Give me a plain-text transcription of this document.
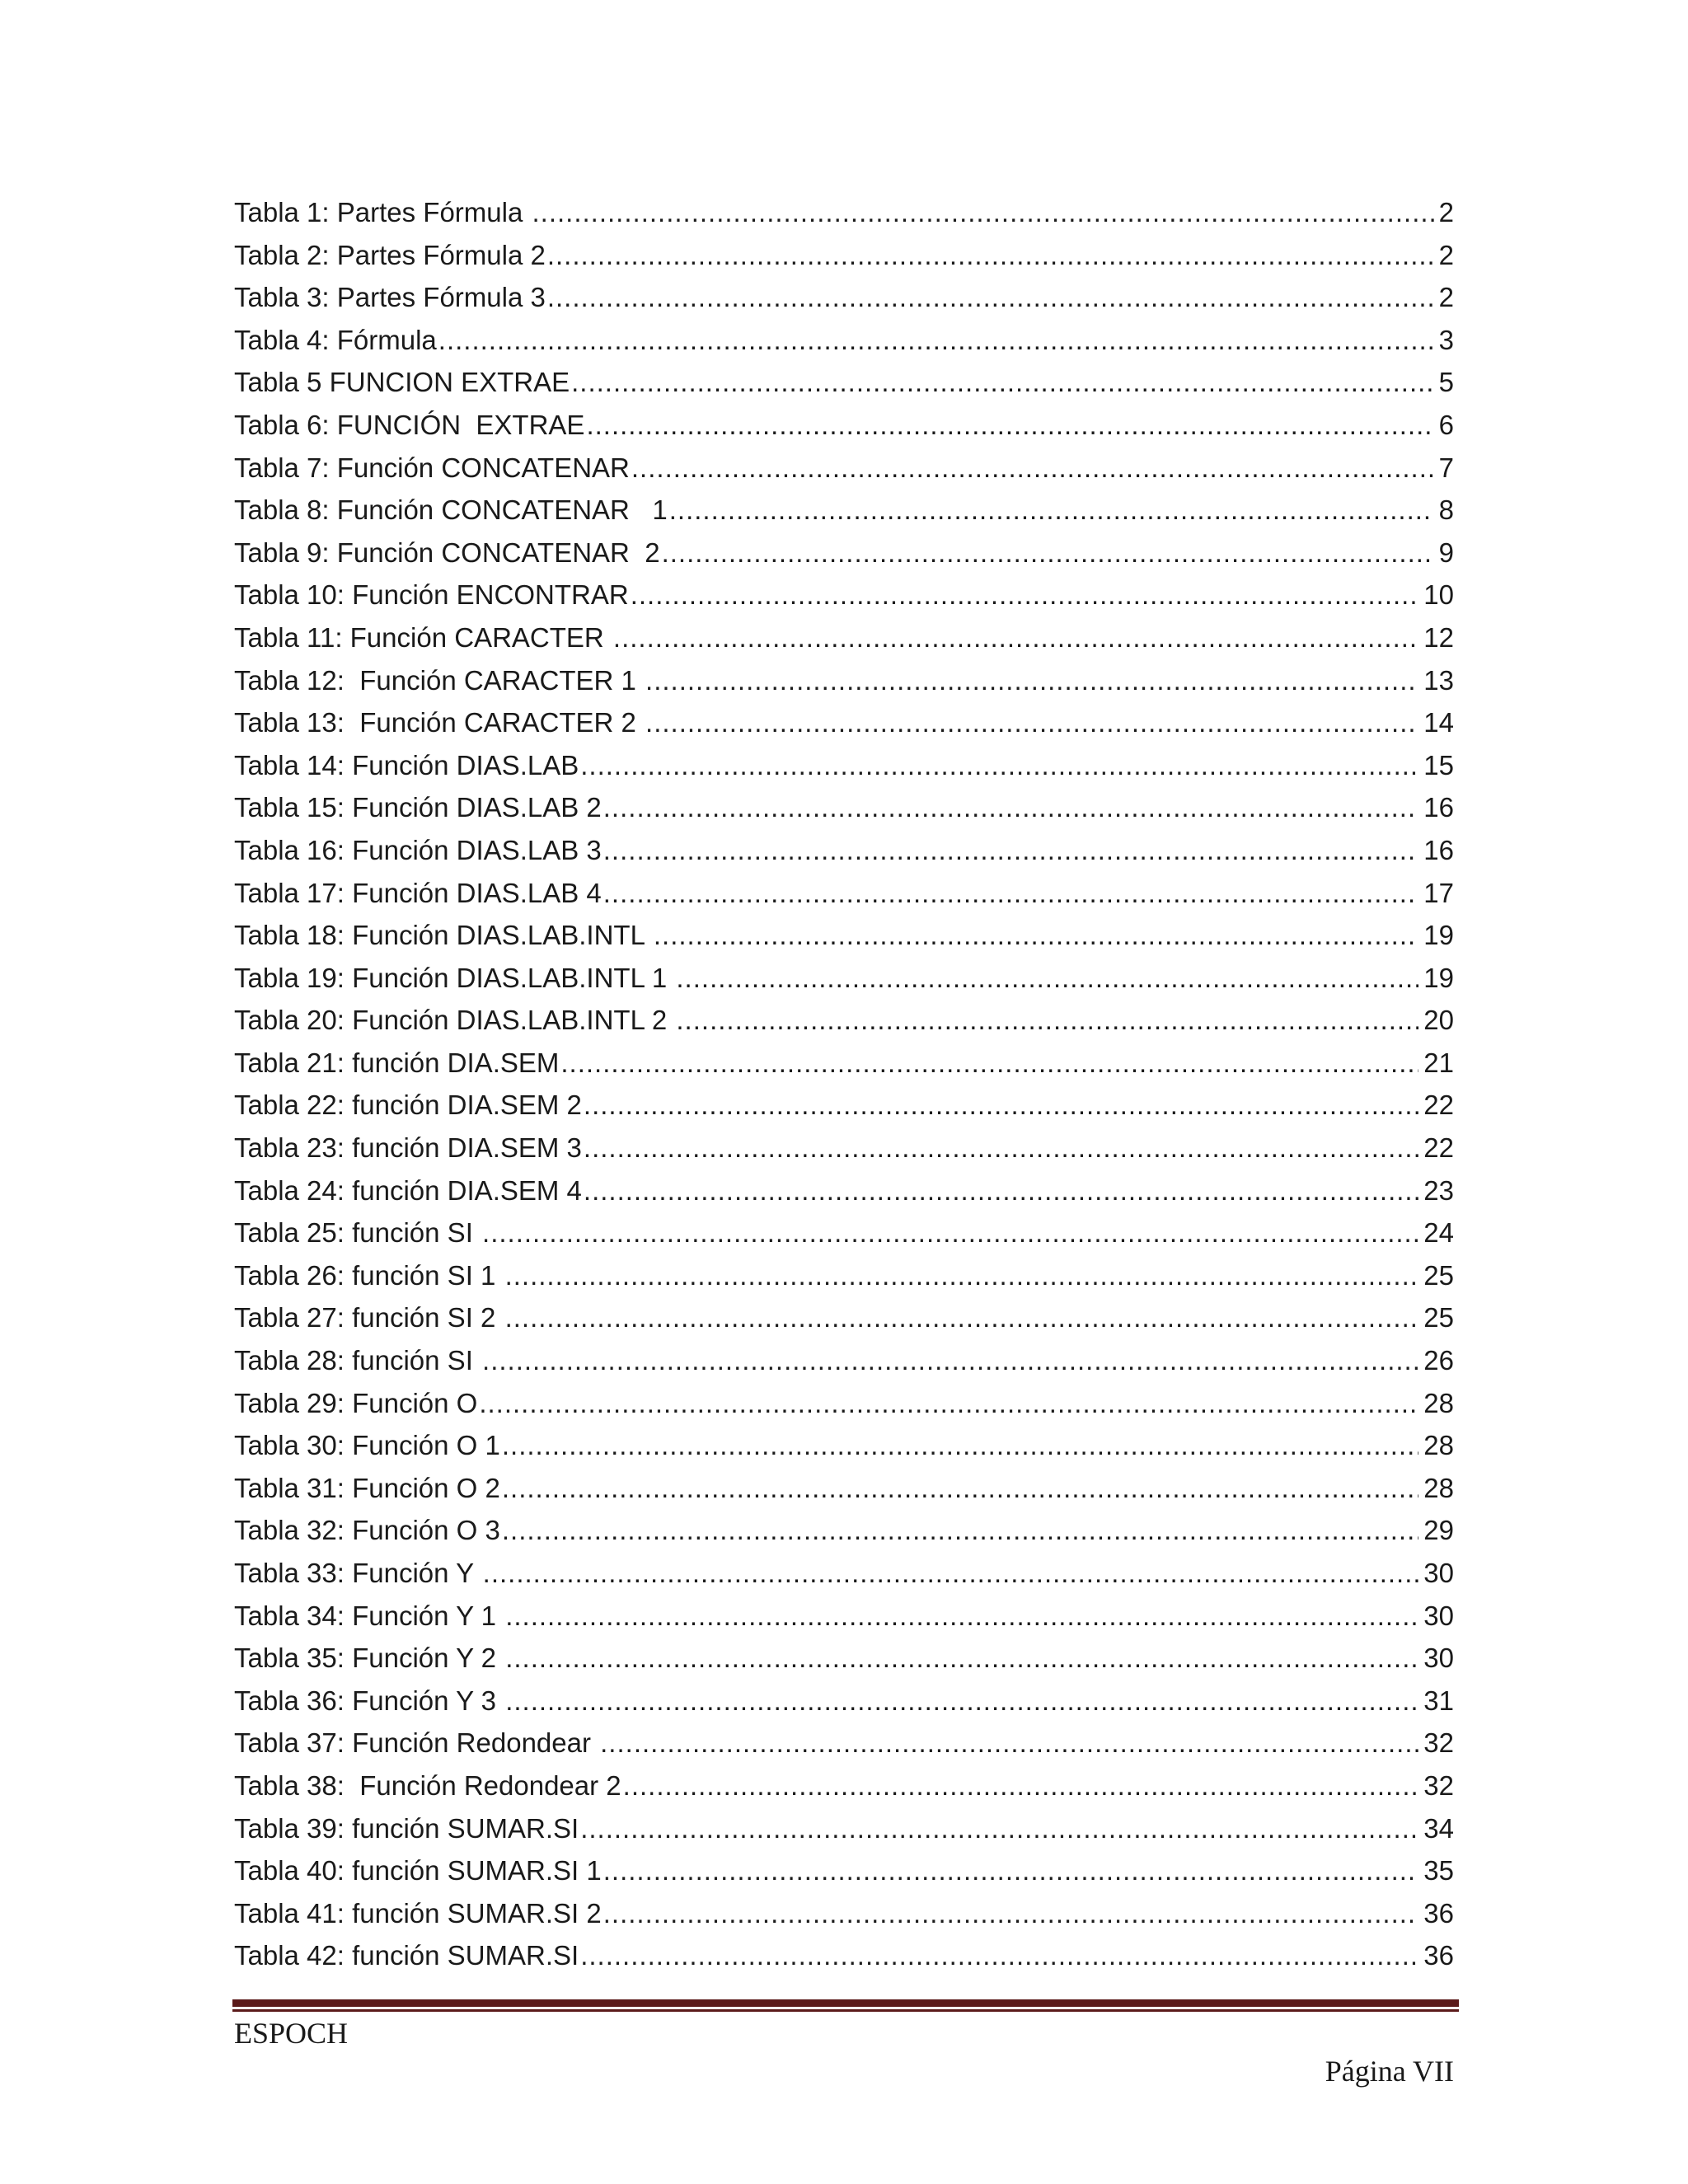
Tabla 1: Partes Fórmula .....	2
Tabla 2: Partes Fórmula 2 .....	2
Tabla 3: Partes Fórmula 3 .....	2
Tabla 4: Fórmula .....	3
Tabla 5 FUNCION EXTRAE .....	5
Tabla 6: FUNCIÓN  EXTRAE .....	6
Tabla 7: Función CONCATENAR .....	7
Tabla 8: Función CONCATENAR   1 .....	8
Tabla 9: Función CONCATENAR  2 .....	9
Tabla 10: Función ENCONTRAR .....	10
Tabla 11: Función CARACTER .....	12
Tabla 12:  Función CARACTER 1 .....	13
Tabla 13:  Función CARACTER 2 .....	14
Tabla 14: Función DIAS.LAB .....	15
Tabla 15: Función DIAS.LAB 2 .....	16
Tabla 16: Función DIAS.LAB 3 .....	16
Tabla 17: Función DIAS.LAB 4 .....	17
Tabla 18: Función DIAS.LAB.INTL .....	19
Tabla 19: Función DIAS.LAB.INTL 1 .....	19
Tabla 20: Función DIAS.LAB.INTL 2 .....	20
Tabla 21: función DIA.SEM .....	21
Tabla 22: función DIA.SEM 2 .....	22
Tabla 23: función DIA.SEM 3 .....	22
Tabla 24: función DIA.SEM 4 .....	23
Tabla 25: función SI .....	24
Tabla 26: función SI 1 .....	25
Tabla 27: función SI 2 .....	25
Tabla 28: función SI .....	26
Tabla 29: Función O .....	28
Tabla 30: Función O 1 .....	28
Tabla 31: Función O 2 .....	28
Tabla 32: Función O 3 .....	29
Tabla 33: Función Y .....	30
Tabla 34: Función Y 1 .....	30
Tabla 35: Función Y 2 .....	30
Tabla 36: Función Y 3 .....	31
Tabla 37: Función Redondear .....	32
Tabla 38:  Función Redondear 2 .....	32
Tabla 39: función SUMAR.SI .....	34
Tabla 40: función SUMAR.SI 1 .....	35
Tabla 41: función SUMAR.SI 2 .....	36
Tabla 42: función SUMAR.SI .....	36
ESPOCH
Página VII
